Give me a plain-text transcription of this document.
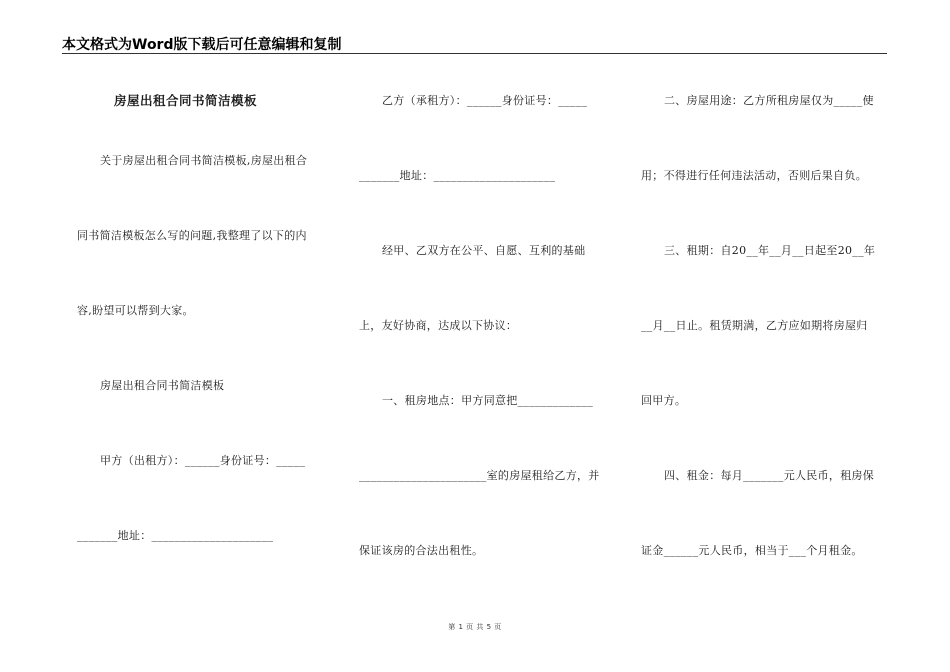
本文格式为Word版下载后可任意编辑和复制
房屋出租合同书简洁模板
关于房屋出租合同书简洁模板,房屋出租合
同书简洁模板怎么写的问题,我整理了以下的内
容,盼望可以帮到大家。
房屋出租合同书简洁模板
甲方（出租方）：______身份证号：_____
_______地址：_____________________
乙方（承租方）：______身份证号：_____
_______地址：_____________________
经甲、乙双方在公平、自愿、互利的基础
上，友好协商，达成以下协议：
一、租房地点：甲方同意把_____________
______________________室的房屋租给乙方，并
保证该房的合法出租性。
二、房屋用途：乙方所租房屋仅为_____使
用；不得进行任何违法活动，否则后果自负。
三、租期：自20__年__月__日起至20__年
__月__日止。租赁期满，乙方应如期将房屋归
回甲方。
四、租金：每月_______元人民币，租房保
证金______元人民币，相当于___个月租金。
第 1 页 共 5 页
